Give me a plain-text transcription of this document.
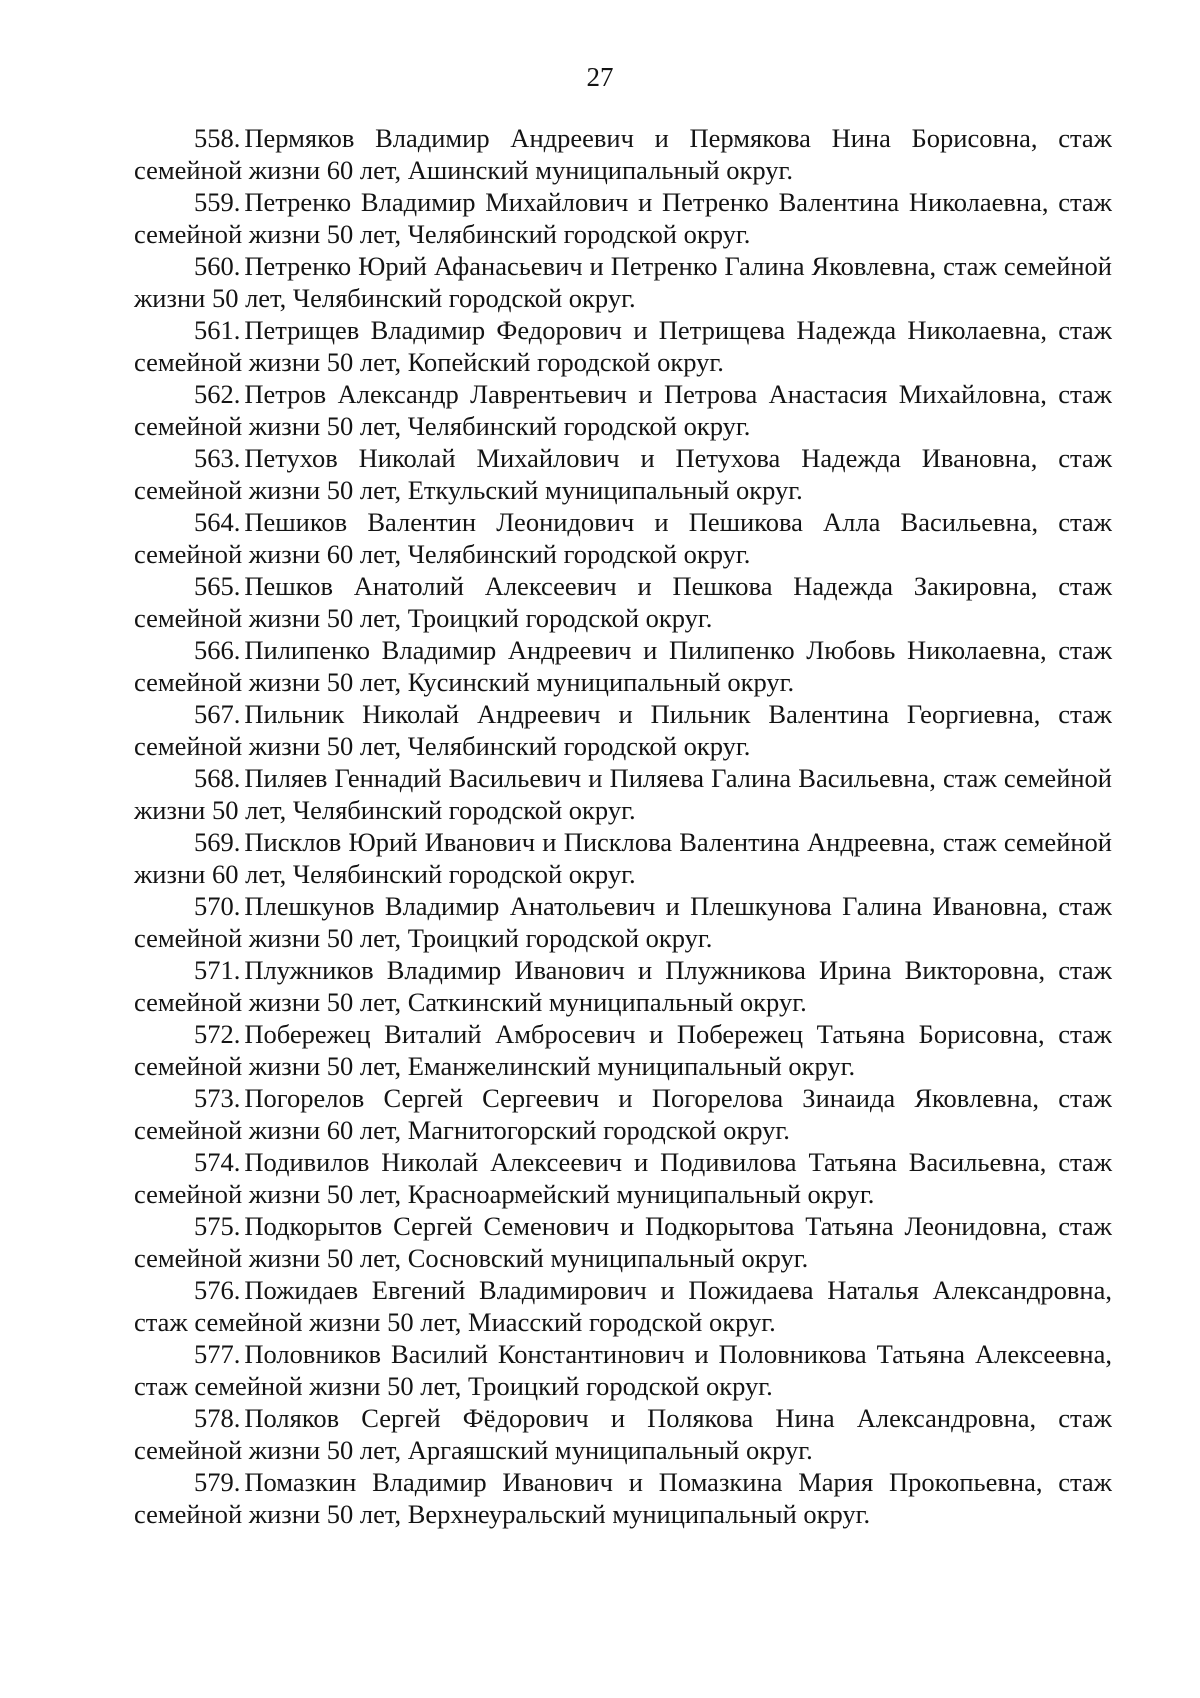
27

558. Пермяков Владимир Андреевич и Пермякова Нина Борисовна, стаж семейной жизни 60 лет, Ашинский муниципальный округ.

559. Петренко Владимир Михайлович и Петренко Валентина Николаевна, стаж семейной жизни 50 лет, Челябинский городской округ.

560. Петренко Юрий Афанасьевич и Петренко Галина Яковлевна, стаж семейной жизни 50 лет, Челябинский городской округ.

561. Петрищев Владимир Федорович и Петрищева Надежда Николаевна, стаж семейной жизни 50 лет, Копейский городской округ.

562. Петров Александр Лаврентьевич и Петрова Анастасия Михайловна, стаж семейной жизни 50 лет, Челябинский городской округ.

563. Петухов Николай Михайлович и Петухова Надежда Ивановна, стаж семейной жизни 50 лет, Еткульский муниципальный округ.

564. Пешиков Валентин Леонидович и Пешикова Алла Васильевна, стаж семейной жизни 60 лет, Челябинский городской округ.

565. Пешков Анатолий Алексеевич и Пешкова Надежда Закировна, стаж семейной жизни 50 лет, Троицкий городской округ.

566. Пилипенко Владимир Андреевич и Пилипенко Любовь Николаевна, стаж семейной жизни 50 лет, Кусинский муниципальный округ.

567. Пильник Николай Андреевич и Пильник Валентина Георгиевна, стаж семейной жизни 50 лет, Челябинский городской округ.

568. Пиляев Геннадий Васильевич и Пиляева Галина Васильевна, стаж семейной жизни 50 лет, Челябинский городской округ.

569. Писклов Юрий Иванович и Писклова Валентина Андреевна, стаж семейной жизни 60 лет, Челябинский городской округ.

570. Плешкунов Владимир Анатольевич и Плешкунова Галина Ивановна, стаж семейной жизни 50 лет, Троицкий городской округ.

571. Плужников Владимир Иванович и Плужникова Ирина Викторовна, стаж семейной жизни 50 лет, Саткинский муниципальный округ.

572. Побережец Виталий Амбросевич и Побережец Татьяна Борисовна, стаж семейной жизни 50 лет, Еманжелинский муниципальный округ.

573. Погорелов Сергей Сергеевич и Погорелова Зинаида Яковлевна, стаж семейной жизни 60 лет, Магнитогорский городской округ.

574. Подивилов Николай Алексеевич и Подивилова Татьяна Васильевна, стаж семейной жизни 50 лет, Красноармейский муниципальный округ.

575. Подкорытов Сергей Семенович и Подкорытова Татьяна Леонидовна, стаж семейной жизни 50 лет, Сосновский муниципальный округ.

576. Пожидаев Евгений Владимирович и Пожидаева Наталья Александровна, стаж семейной жизни 50 лет, Миасский городской округ.

577. Половников Василий Константинович и Половникова Татьяна Алексеевна, стаж семейной жизни 50 лет, Троицкий городской округ.

578. Поляков Сергей Фёдорович и Полякова Нина Александровна, стаж семейной жизни 50 лет, Аргаяшский муниципальный округ.

579. Помазкин Владимир Иванович и Помазкина Мария Прокопьевна, стаж семейной жизни 50 лет, Верхнеуральский муниципальный округ.
